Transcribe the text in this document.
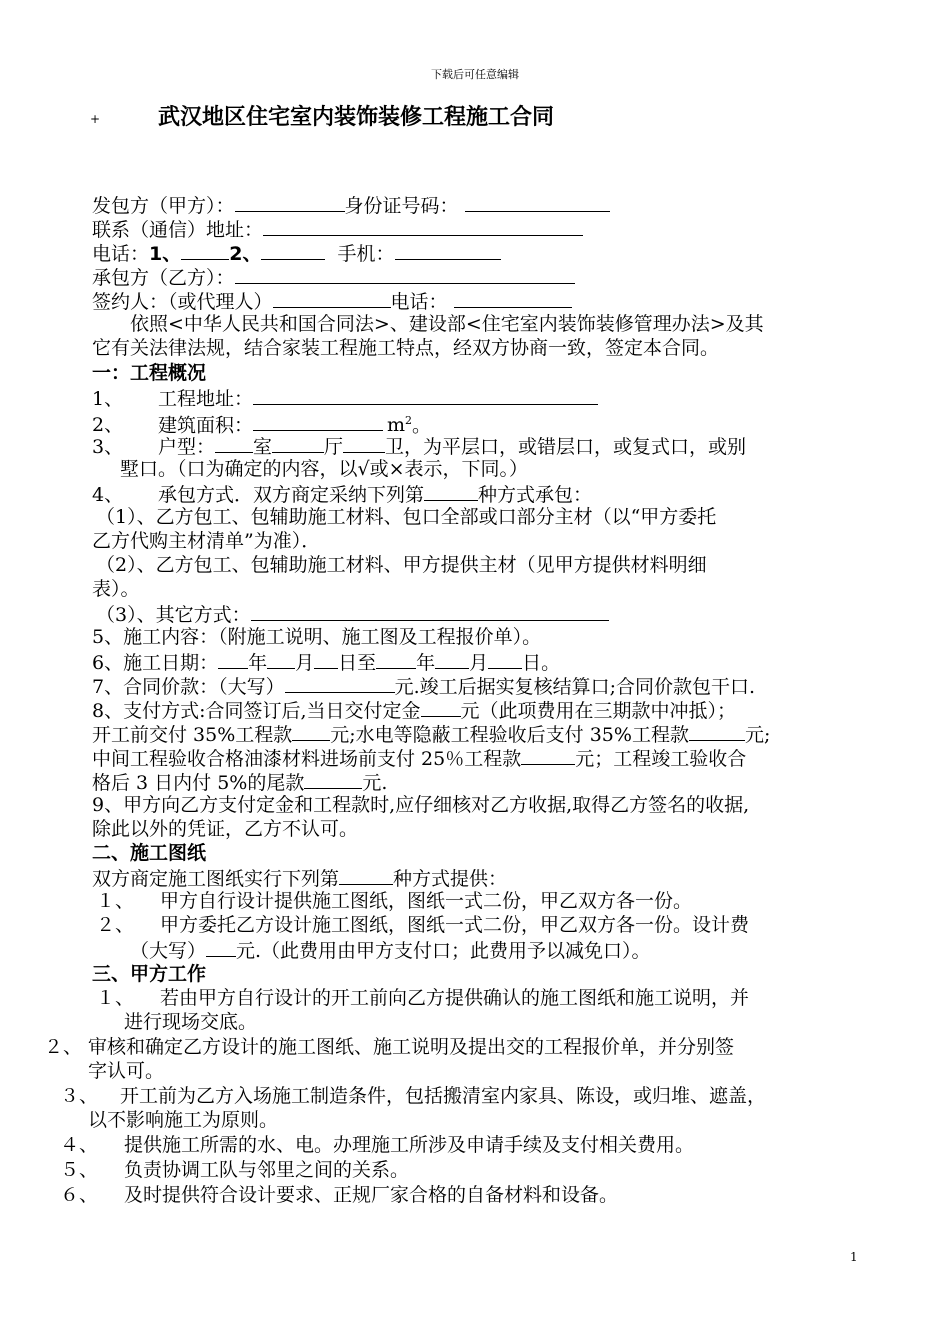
下载后可任意编辑
+	武汉地区住宅室内装饰装修工程施工合同
发包方（甲方）：	身份证号码：
联系（通信）地址：
电话：1、	2、	手机：
承包方（乙方）：
签约人：（或代理人）	电话：
依照<中华人民共和国合同法>、建设部<住宅室内装饰装修管理办法>及其
它有关法律法规，结合家装工程施工特点，经双方协商一致，签定本合同。
一：工程概况
1、 工程地址：
2、 建筑面积：	$m^2$。
3、 户型： 室	厅 卫，为平层口，或错层口，或复式口，或别
墅口。（口为确定的内容，以√或×表示，下同。）
4、 承包方式．双方商定采纳下列第	种方式承包：
（1）、乙方包工、包辅助施工材料、包口全部或口部分主材（以“甲方委托
乙方代购主材清单”为准）．
（2）、乙方包工、包辅助施工材料、甲方提供主材（见甲方提供材料明细
表）。
（3）、其它方式：
5、施工内容：（附施工说明、施工图及工程报价单）。
6、施工日期： 年 月 日至 年 月 日。
7、合同价款：（大写）	元.竣工后据实复核结算口;合同价款包干口.
8、支付方式:合同签订后,当日交付定金 元（此项费用在三期款中冲抵）；
开工前交付 35%工程款 元;水电等隐蔽工程验收后支付 35%工程款	元;
中间工程验收合格油漆材料进场前支付 25％工程款	元；工程竣工验收合
格后 3 日内付 5%的尾款	元.
9、甲方向乙方支付定金和工程款时,应仔细核对乙方收据,取得乙方签名的收据,
除此以外的凭证，乙方不认可。
二、施工图纸
双方商定施工图纸实行下列第	种方式提供：
１、 甲方自行设计提供施工图纸，图纸一式二份，甲乙双方各一份。
２、 甲方委托乙方设计施工图纸，图纸一式二份，甲乙双方各一份。设计费
（大写） 元.（此费用由甲方支付口；此费用予以减免口）。
三、甲方工作
１、 若由甲方自行设计的开工前向乙方提供确认的施工图纸和施工说明，并
进行现场交底。
２、 审核和确定乙方设计的施工图纸、施工说明及提出交的工程报价单，并分别签
字认可。
３、 开工前为乙方入场施工制造条件，包括搬清室内家具、陈设，或归堆、遮盖，
以不影响施工为原则。
４、 提供施工所需的水、电。办理施工所涉及申请手续及支付相关费用。
５、 负责协调工队与邻里之间的关系。
６、 及时提供符合设计要求、正规厂家合格的自备材料和设备。
1
